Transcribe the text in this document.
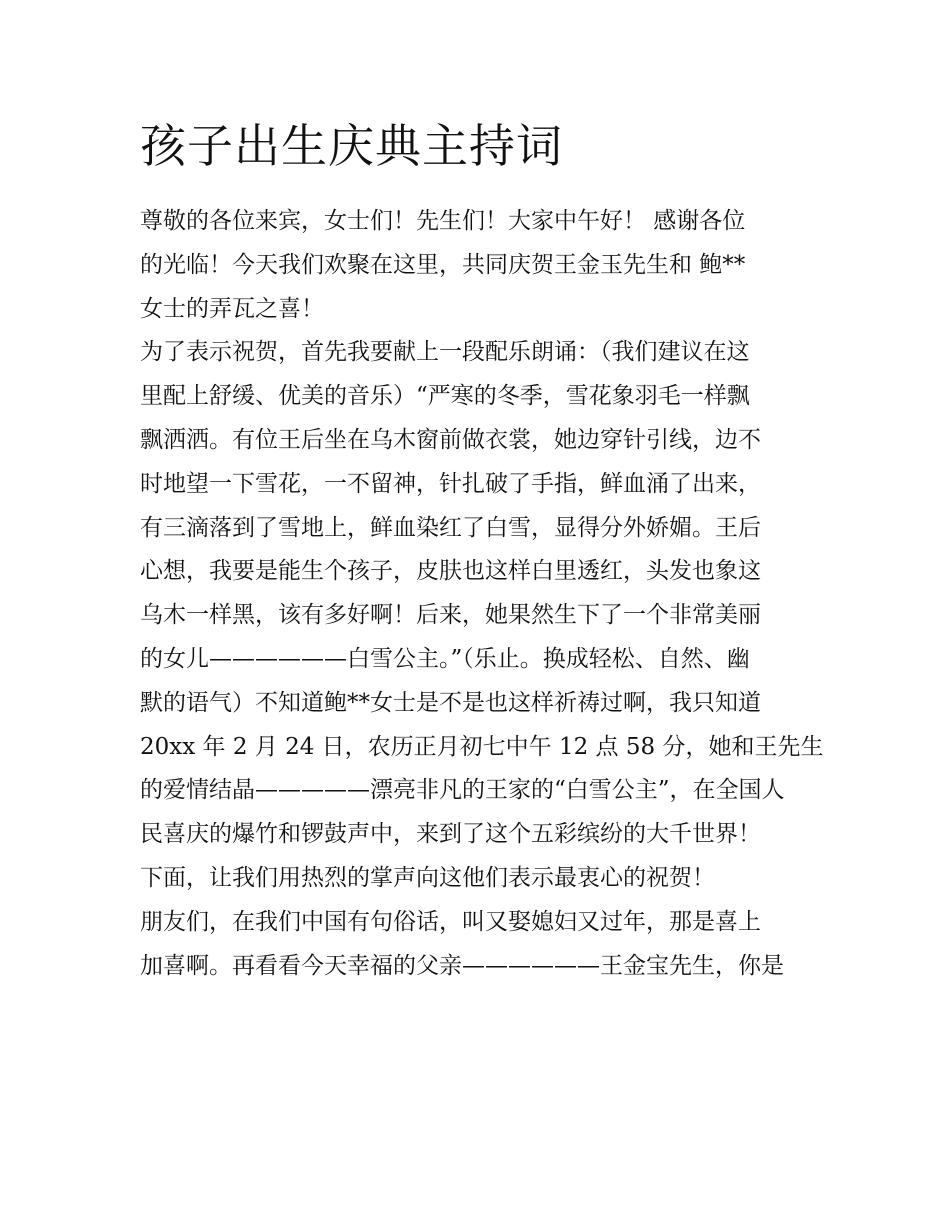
孩子出生庆典主持词
尊敬的各位来宾，女士们！先生们！大家中午好！ 感谢各位
的光临！今天我们欢聚在这里，共同庆贺王金玉先生和 鲍**
女士的弄瓦之喜！
为了表示祝贺，首先我要献上一段配乐朗诵：（我们建议在这
里配上舒缓、优美的音乐）“严寒的冬季，雪花象羽毛一样飘
飘洒洒。有位王后坐在乌木窗前做衣裳，她边穿针引线，边不
时地望一下雪花，一不留神，针扎破了手指，鲜血涌了出来，
有三滴落到了雪地上，鲜血染红了白雪，显得分外娇媚。王后
心想，我要是能生个孩子，皮肤也这样白里透红，头发也象这
乌木一样黑，该有多好啊！后来，她果然生下了一个非常美丽
的女儿——————白雪公主。”（乐止。换成轻松、自然、幽
默的语气）不知道鲍**女士是不是也这样祈祷过啊，我只知道
20xx 年 2 月 24 日，农历正月初七中午 12 点 58 分，她和王先生
的爱情结晶—————漂亮非凡的王家的“白雪公主”，在全国人
民喜庆的爆竹和锣鼓声中，来到了这个五彩缤纷的大千世界！
下面，让我们用热烈的掌声向这他们表示最衷心的祝贺！
朋友们，在我们中国有句俗话，叫又娶媳妇又过年，那是喜上
加喜啊。再看看今天幸福的父亲——————王金宝先生，你是
